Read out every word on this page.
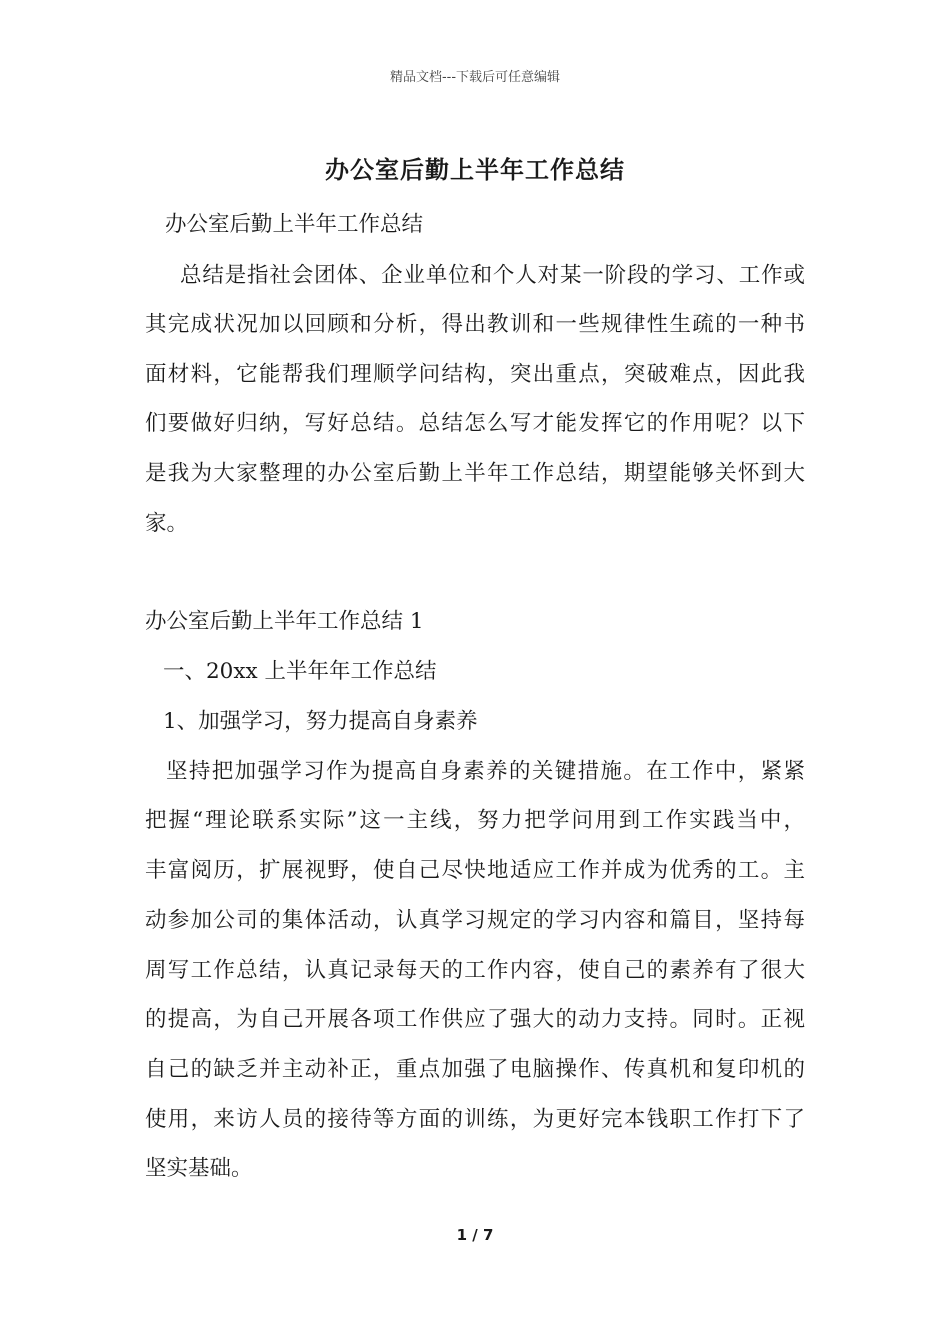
精品文档---下载后可任意编辑
办公室后勤上半年工作总结
办公室后勤上半年工作总结
总结是指社会团体、企业单位和个人对某一阶段的学习、工作或
其完成状况加以回顾和分析，得出教训和一些规律性生疏的一种书
面材料，它能帮我们理顺学问结构，突出重点，突破难点，因此我
们要做好归纳，写好总结。总结怎么写才能发挥它的作用呢？以下
是我为大家整理的办公室后勤上半年工作总结，期望能够关怀到大
家。
办公室后勤上半年工作总结 1
一、20xx 上半年年工作总结
1、加强学习，努力提高自身素养
坚持把加强学习作为提高自身素养的关键措施。在工作中，紧紧
把握“理论联系实际”这一主线，努力把学问用到工作实践当中，
丰富阅历，扩展视野，使自己尽快地适应工作并成为优秀的工。主
动参加公司的集体活动，认真学习规定的学习内容和篇目，坚持每
周写工作总结，认真记录每天的工作内容，使自己的素养有了很大
的提高，为自己开展各项工作供应了强大的动力支持。同时。正视
自己的缺乏并主动补正，重点加强了电脑操作、传真机和复印机的
使用，来访人员的接待等方面的训练，为更好完本钱职工作打下了
坚实基础。
1 / 7
